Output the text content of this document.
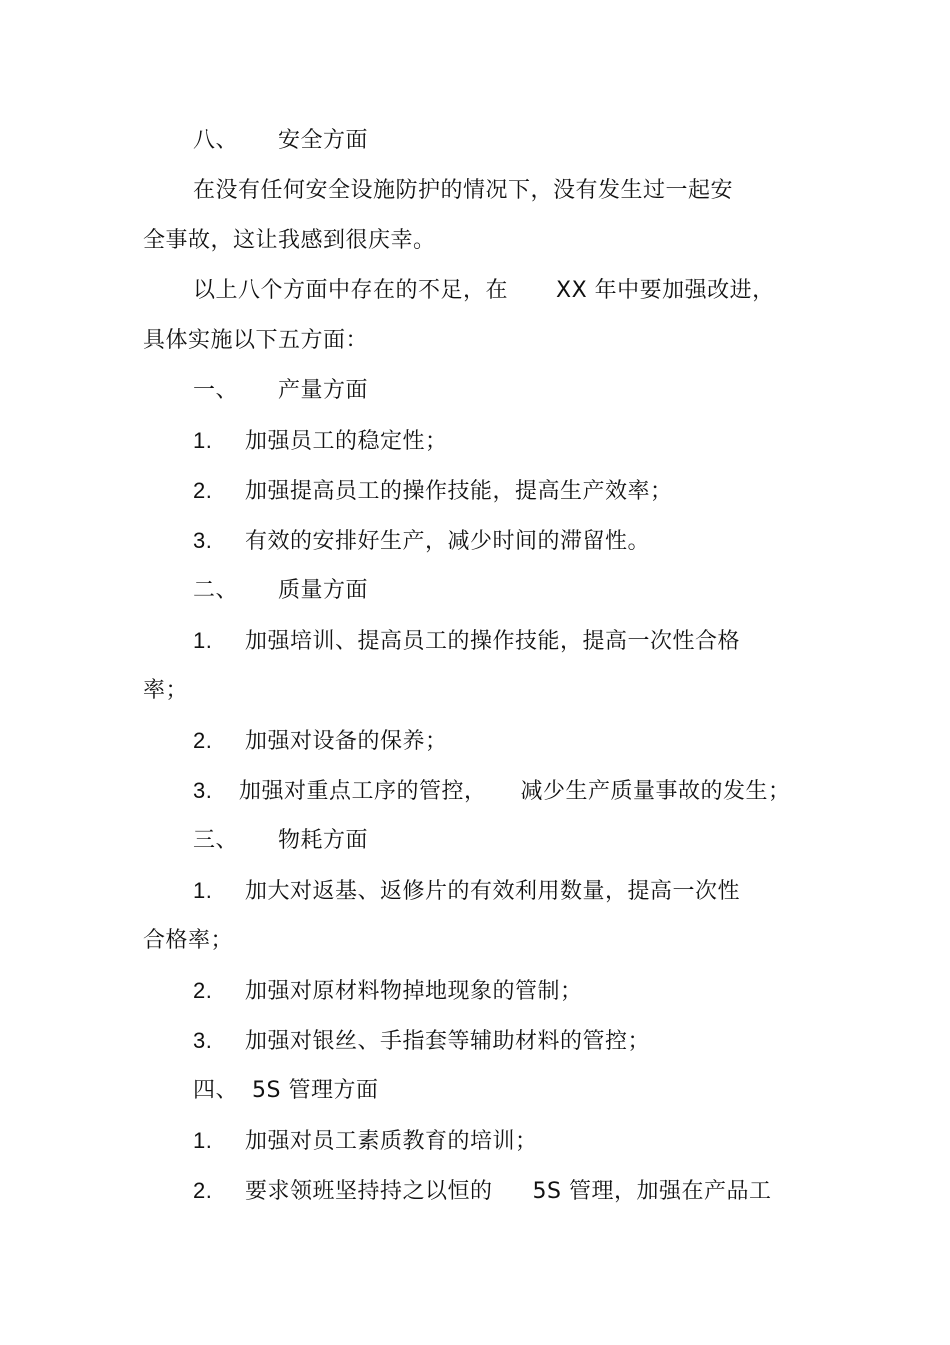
八、 安全方面
在没有任何安全设施防护的情况下，没有发生过一起安
全事故，这让我感到很庆幸。
以上八个方面中存在的不足，在 XX 年中要加强改进，
具体实施以下五方面：
一、 产量方面
1. 加强员工的稳定性；
2. 加强提高员工的操作技能，提高生产效率；
3. 有效的安排好生产，减少时间的滞留性。
二、 质量方面
1. 加强培训、提高员工的操作技能，提高一次性合格
率；
2. 加强对设备的保养；
3. 加强对重点工序的管控， 减少生产质量事故的发生；
三、 物耗方面
1. 加大对返基、返修片的有效利用数量，提高一次性
合格率；
2. 加强对原材料物掉地现象的管制；
3. 加强对银丝、手指套等辅助材料的管控；
四、 5S 管理方面
1. 加强对员工素质教育的培训；
2. 要求领班坚持持之以恒的 5S 管理，加强在产品工
